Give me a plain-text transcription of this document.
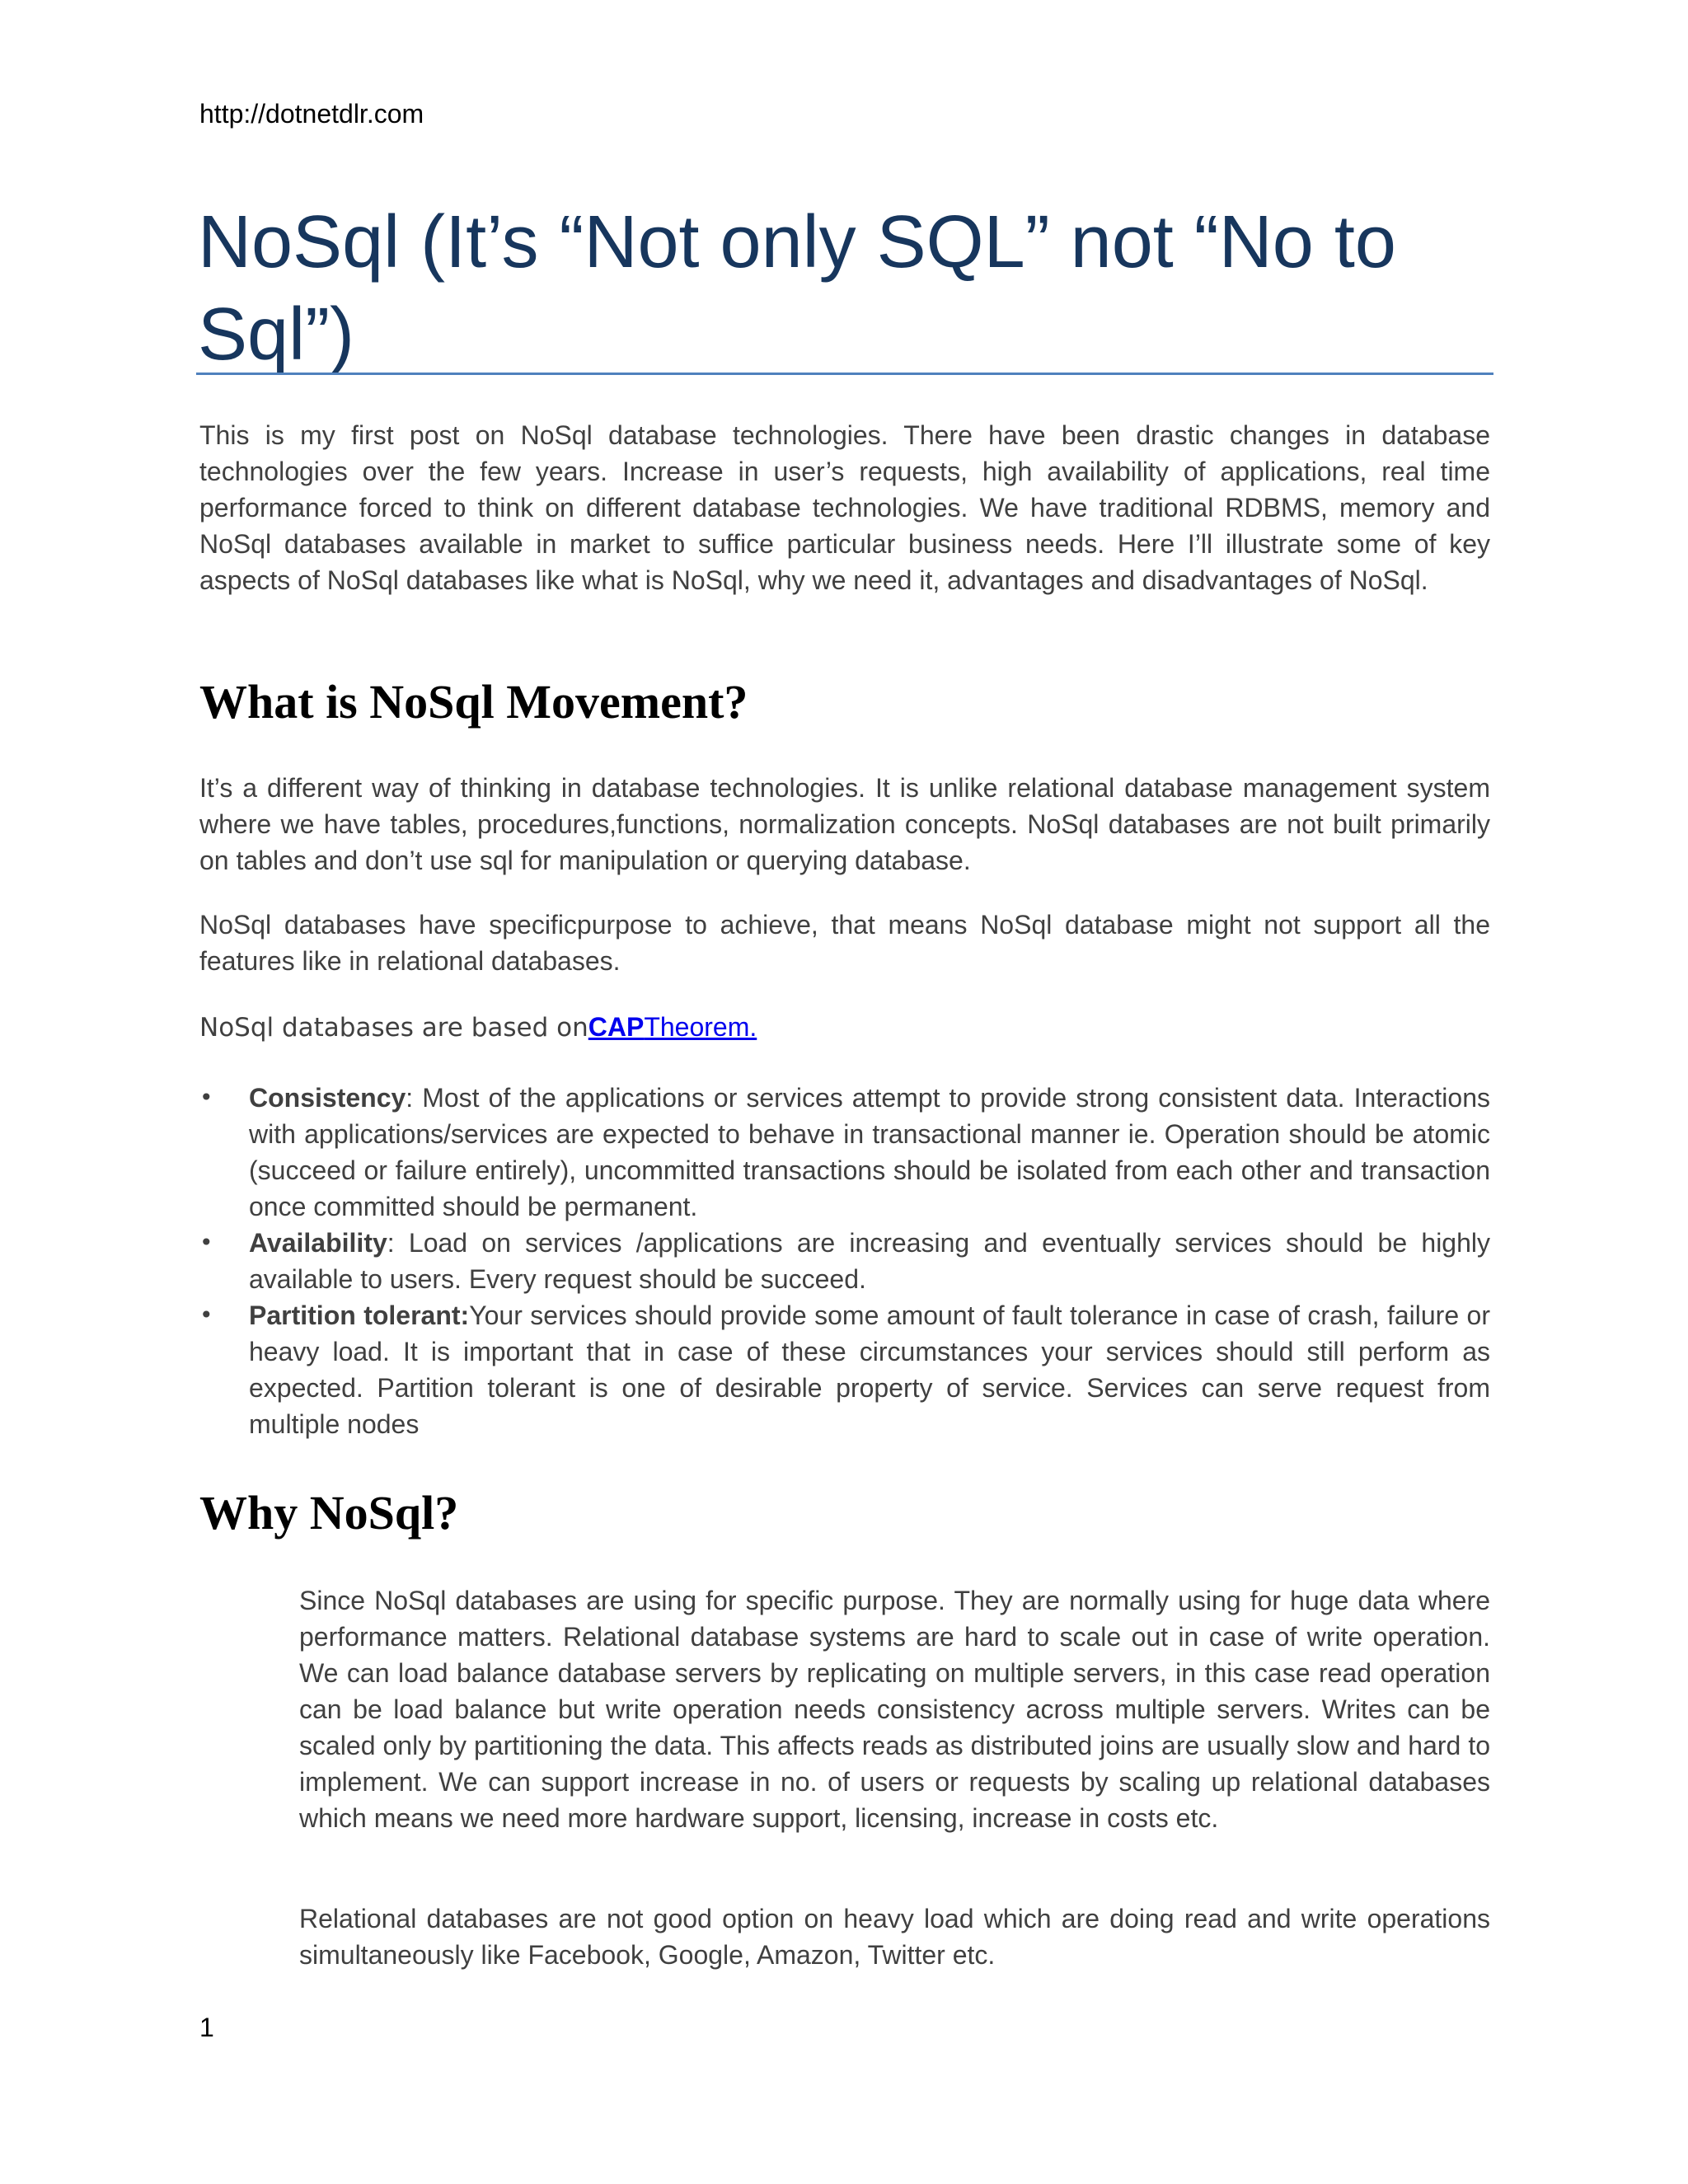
http://dotnetdlr.com
NoSql (It’s “Not only SQL” not “No to Sql”)

This is my first post on NoSql database technologies. There have been drastic changes in database technologies over the few years. Increase in user’s requests, high availability of applications, real time performance forced to think on different database technologies. We have traditional RDBMS, memory and NoSql databases available in market to suffice particular business needs. Here I’ll illustrate some of key aspects of NoSql databases like what is NoSql, why we need it, advantages and disadvantages of NoSql.

What is NoSql Movement?

It’s a different way of thinking in database technologies. It is unlike relational database management system where we have tables, procedures,functions, normalization concepts. NoSql databases are not built primarily on tables and don’t use sql for manipulation or querying database.

NoSql databases have specificpurpose to achieve, that means NoSql database might not support all the features like in relational databases.

NoSql databases are based onCAPTheorem.
• Consistency: Most of the applications or services attempt to provide strong consistent data. Interactions with applications/services are expected to behave in transactional manner ie. Operation should be atomic (succeed or failure entirely), uncommitted transactions should be isolated from each other and transaction once committed should be permanent.
• Availability: Load on services /applications are increasing and eventually services should be highly available to users. Every request should be succeed.
• Partition tolerant:Your services should provide some amount of fault tolerance in case of crash, failure or heavy load. It is important that in case of these circumstances your services should still perform as expected. Partition tolerant is one of desirable property of service. Services can serve request from multiple nodes
Why NoSql?

Since NoSql databases are using for specific purpose. They are normally using for huge data where performance matters. Relational database systems are hard to scale out in case of write operation. We can load balance database servers by replicating on multiple servers, in this case read operation can be load balance but write operation needs consistency across multiple servers. Writes can be scaled only by partitioning the data. This affects reads as distributed joins are usually slow and hard to implement. We can support increase in no. of users or requests by scaling up relational databases which means we need more hardware support, licensing, increase in costs etc.

Relational databases are not good option on heavy load which are doing read and write operations simultaneously like Facebook, Google, Amazon, Twitter etc.

1
